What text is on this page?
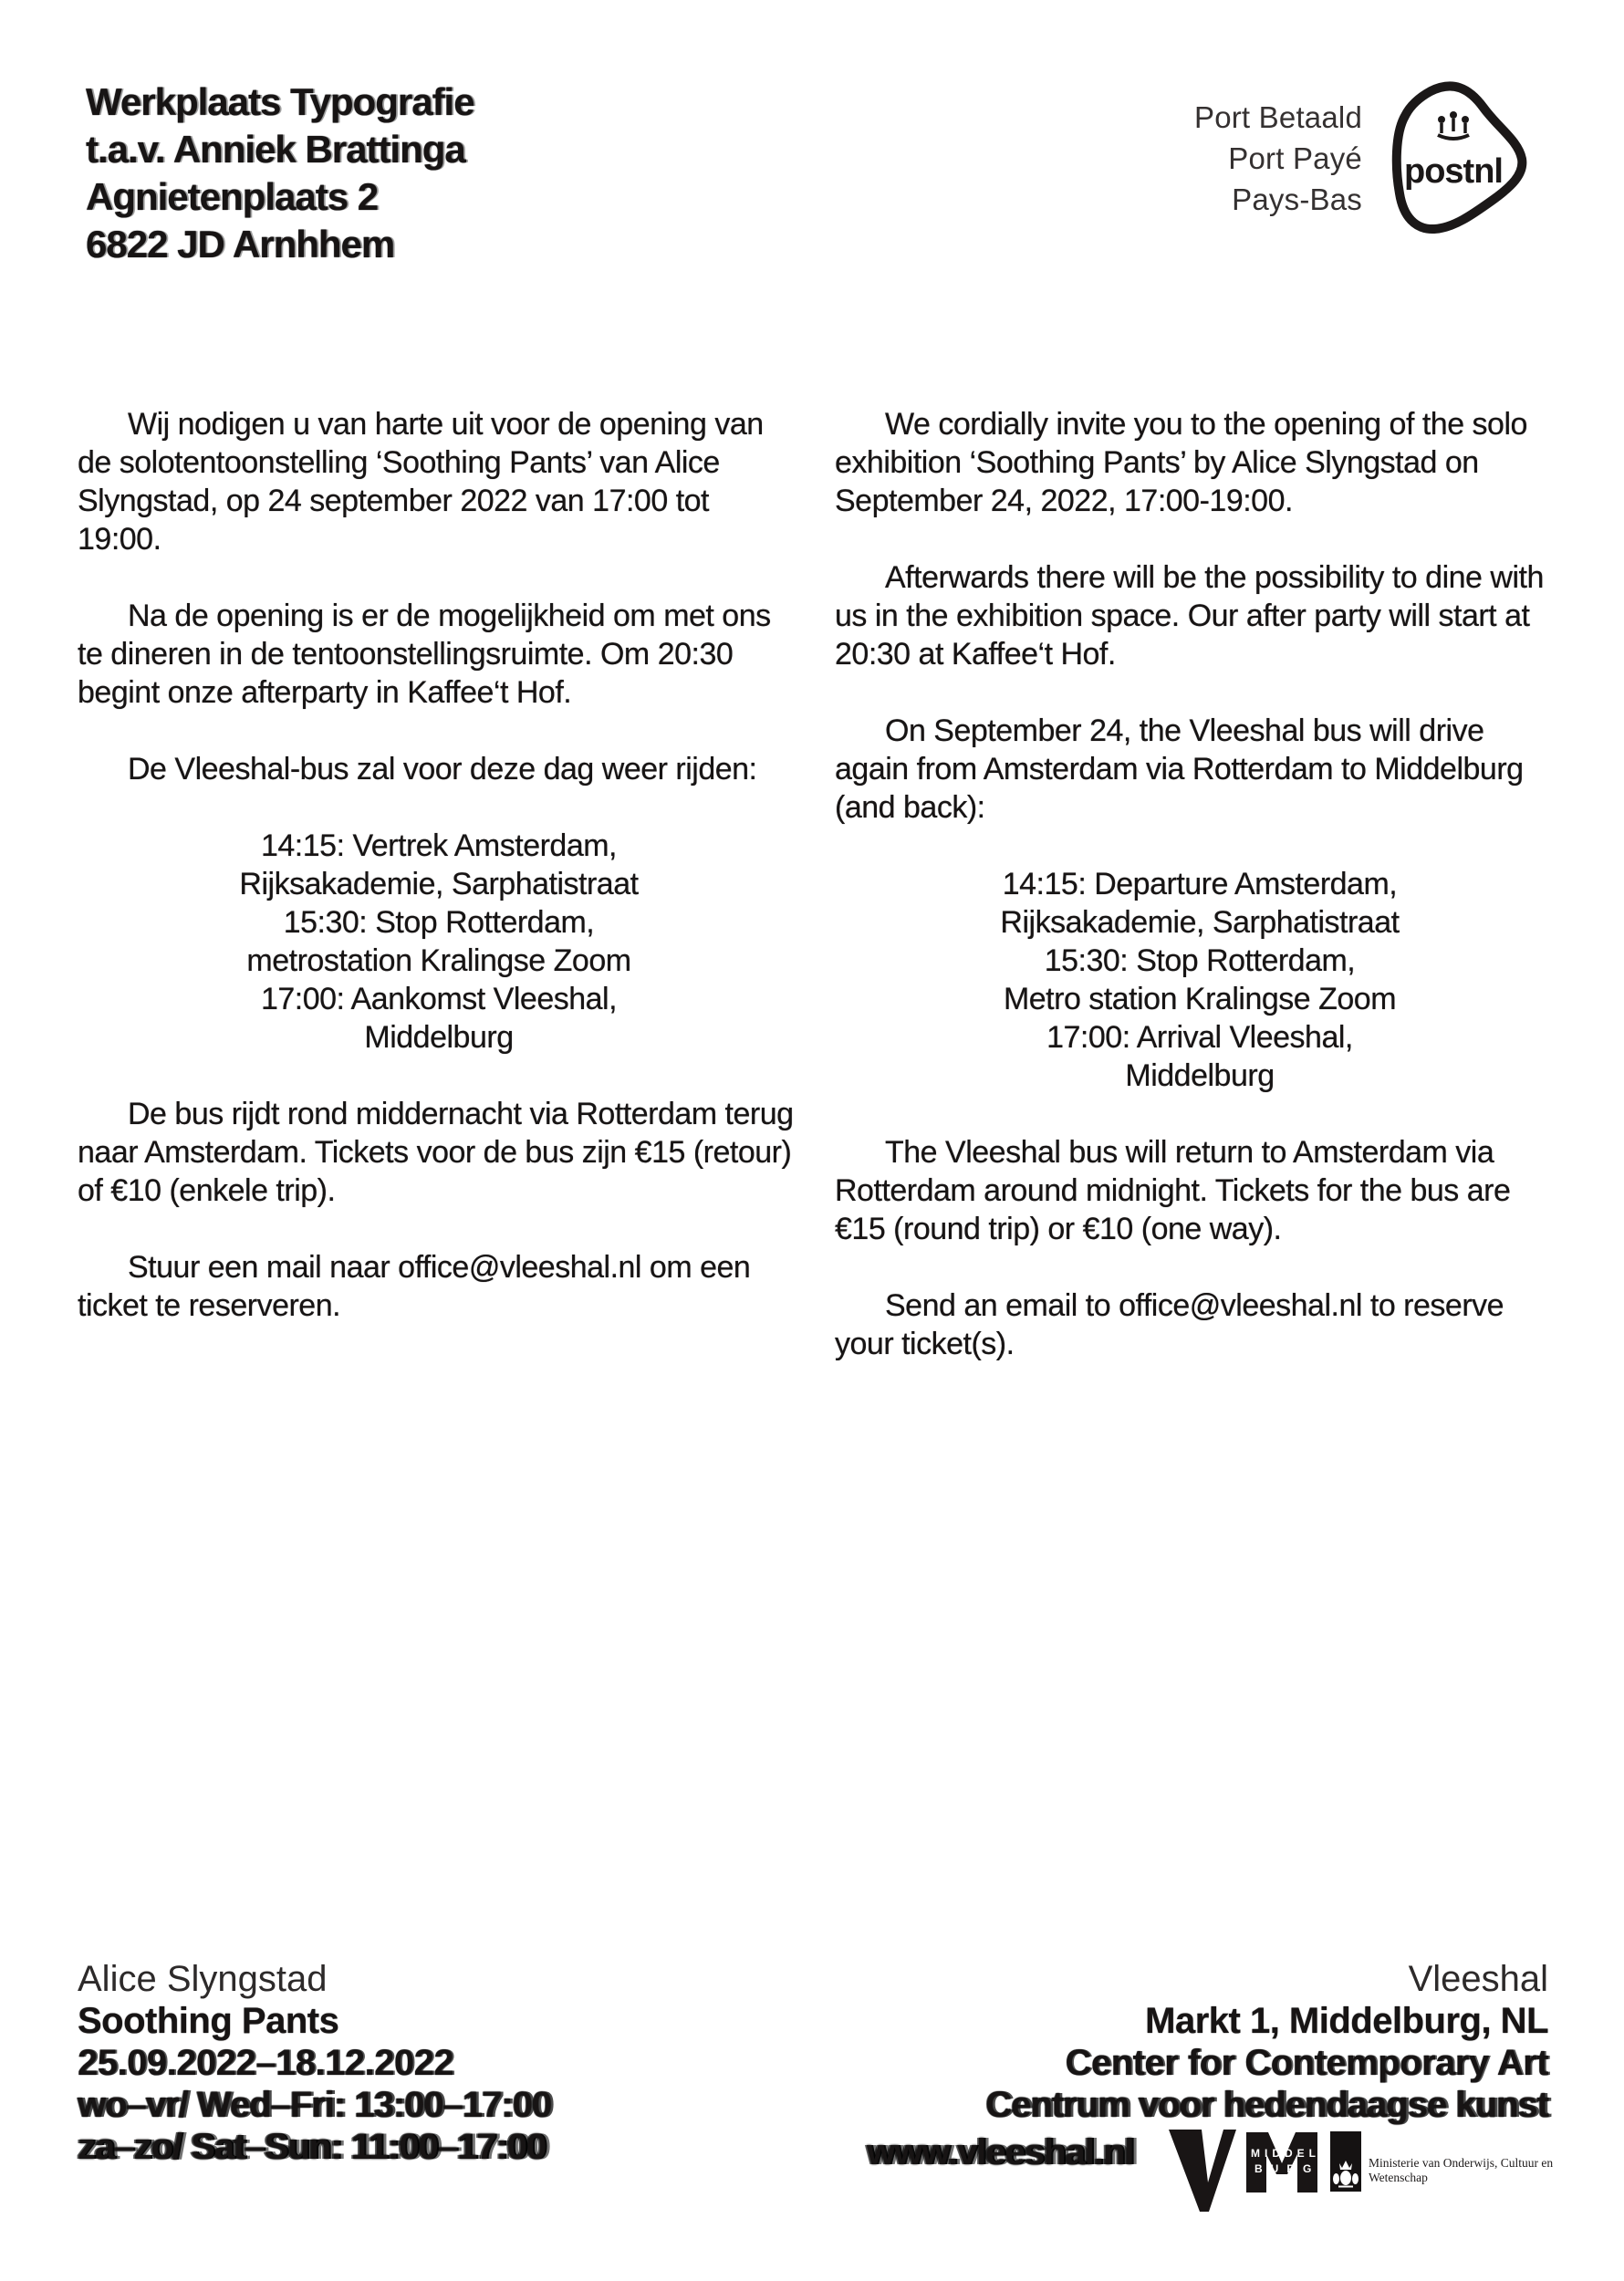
Werkplaats Typografie
t.a.v. Anniek Brattinga
Agnietenplaats 2
6822 JD Arnhhem
Port Betaald
Port Payé
Pays-Bas
postnl

Wij nodigen u van harte uit voor de opening van de solotentoonstelling ‘Soothing Pants’ van Alice Slyngstad, op 24 september 2022 van 17:00 tot 19:00.

Na de opening is er de mogelijkheid om met ons te dineren in de tentoonstellingsruimte. Om 20:30 begint onze afterparty in Kaffee‘t Hof.

De Vleeshal-bus zal voor deze dag weer rijden:

14:15: Vertrek Amsterdam,
Rijksakademie, Sarphatistraat
15:30: Stop Rotterdam,
metrostation Kralingse Zoom
17:00: Aankomst Vleeshal,
Middelburg

De bus rijdt rond middernacht via Rotterdam terug naar Amsterdam. Tickets voor de bus zijn €15 (retour) of €10 (enkele trip).

Stuur een mail naar office@vleeshal.nl om een ticket te reserveren.

We cordially invite you to the opening of the solo exhibition ‘Soothing Pants’ by Alice Slyngstad on September 24, 2022, 17:00-19:00.

Afterwards there will be the possibility to dine with us in the exhibition space. Our after party will start at 20:30 at Kaffee‘t Hof.

On September 24, the Vleeshal bus will drive again from Amsterdam via Rotterdam to Middelburg (and back):

14:15: Departure Amsterdam,
Rijksakademie, Sarphatistraat
15:30: Stop Rotterdam,
Metro station Kralingse Zoom
17:00: Arrival Vleeshal,
Middelburg

The Vleeshal bus will return to Amsterdam via Rotterdam around midnight. Tickets for the bus are €15 (round trip) or €10 (one way).

Send an email to office@vleeshal.nl to reserve your ticket(s).

Alice Slyngstad
Soothing Pants
25.09.2022–18.12.2022
wo–vr/ Wed–Fri: 13:00–17:00
za–zo/ Sat–Sun: 11:00–17:00
Vleeshal
Markt 1, Middelburg, NL
Center for Contemporary Art
Centrum voor hedendaagse kunst
www.vleeshal.nl	MIDDEL
BURG	Ministerie van Onderwijs, Cultuur en
Wetenschap
